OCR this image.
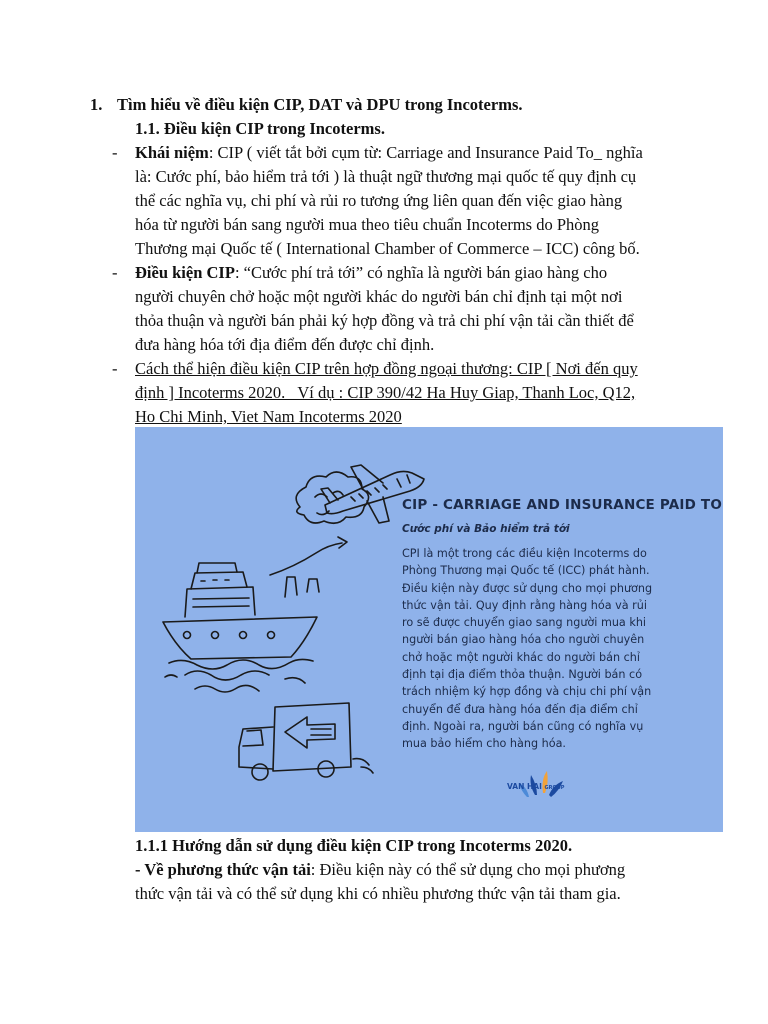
1. Tìm hiểu về điều kiện CIP, DAT và DPU trong Incoterms.
1.1. Điều kiện CIP trong Incoterms.
- Khái niệm: CIP ( viết tắt bởi cụm từ: Carriage and Insurance Paid To_ nghĩa
là: Cước phí, bảo hiểm trả tới ) là thuật ngữ thương mại quốc tế quy định cụ
thể các nghĩa vụ, chi phí và rủi ro tương ứng liên quan đến việc giao hàng
hóa từ người bán sang người mua theo tiêu chuẩn Incoterms do Phòng
Thương mại Quốc tế ( International Chamber of Commerce – ICC) công bố.
- Điều kiện CIP: “Cước phí trả tới” có nghĩa là người bán giao hàng cho
người chuyên chở hoặc một người khác do người bán chỉ định tại một nơi
thỏa thuận và người bán phải ký hợp đồng và trả chi phí vận tải cần thiết để
đưa hàng hóa tới địa điểm đến được chỉ định.
- Cách thể hiện điều kiện CIP trên hợp đồng ngoại thương: CIP [ Nơi đến quy
định ] Incoterms 2020._ Ví dụ : CIP 390/42 Ha Huy Giap, Thanh Loc, Q12,
Ho Chi Minh, Viet Nam Incoterms 2020
CIP - CARRIAGE AND INSURANCE PAID TO
Cước phí và Bảo hiểm trả tới
CPI là một trong các điều kiện Incoterms do
Phòng Thương mại Quốc tế (ICC) phát hành.
Điều kiện này được sử dụng cho mọi phương
thức vận tải. Quy định rằng hàng hóa và rủi
ro sẽ được chuyển giao sang người mua khi
người bán giao hàng hóa cho người chuyên
chở hoặc một người khác do người bán chỉ
định tại địa điểm thỏa thuận. Người bán có
trách nhiệm ký hợp đồng và chịu chi phí vận
chuyển để đưa hàng hóa đến địa điểm chỉ
định. Ngoài ra, người bán cũng có nghĩa vụ
mua bảo hiểm cho hàng hóa.
VAN HAI GROUP
1.1.1 Hướng dẫn sử dụng điều kiện CIP trong Incoterms 2020.
- Về phương thức vận tải: Điều kiện này có thể sử dụng cho mọi phương
thức vận tải và có thể sử dụng khi có nhiều phương thức vận tải tham gia.
